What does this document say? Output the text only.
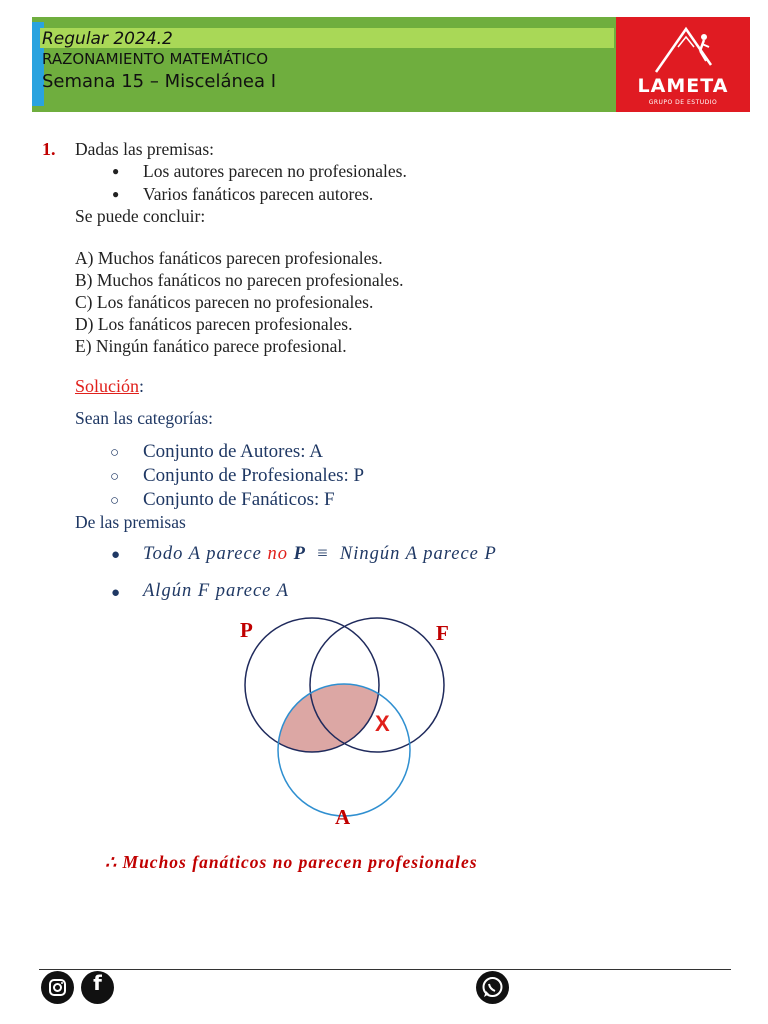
Regular 2024.2
RAZONAMIENTO MATEMÁTICO
Semana 15 – Miscelánea I	LAMETA
GRUPO DE ESTUDIO
1. Dadas las premisas:
● Los autores parecen no profesionales.
● Varios fanáticos parecen autores.
Se puede concluir:
A) Muchos fanáticos parecen profesionales.
B) Muchos fanáticos no parecen profesionales.
C) Los fanáticos parecen no profesionales.
D) Los fanáticos parecen profesionales.
E) Ningún fanático parece profesional.
Solución:
Sean las categorías:
○ Conjunto de Autores: A
○ Conjunto de Profesionales: P
○ Conjunto de Fanáticos: F
De las premisas
● Todo A parece no P ≡ Ningún A parece P
● Algún F parece A
P	F
A
X
∴ Muchos fanáticos no parecen profesionales
f
